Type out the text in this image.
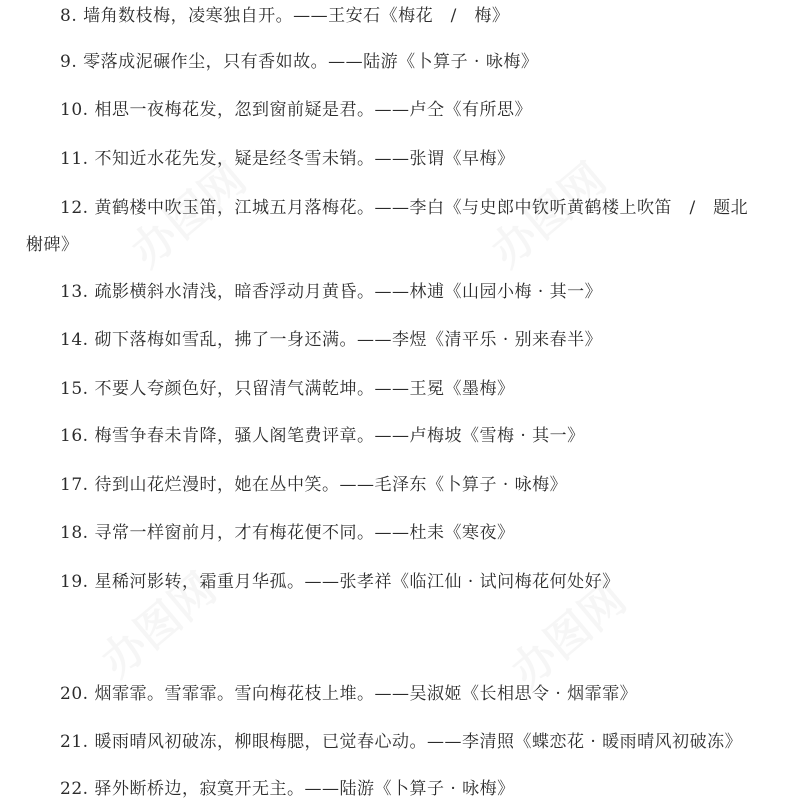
8. 墙角数枝梅，凌寒独自开。——王安石《梅花　/　梅》
9. 零落成泥碾作尘，只有香如故。——陆游《卜算子 · 咏梅》
10. 相思一夜梅花发，忽到窗前疑是君。——卢仝《有所思》
11. 不知近水花先发，疑是经冬雪未销。——张谓《早梅》
12. 黄鹤楼中吹玉笛，江城五月落梅花。——李白《与史郎中钦听黄鹤楼上吹笛　/　题北
榭碑》
13. 疏影横斜水清浅，暗香浮动月黄昏。——林逋《山园小梅 · 其一》
14. 砌下落梅如雪乱，拂了一身还满。——李煜《清平乐 · 别来春半》
15. 不要人夸颜色好，只留清气满乾坤。——王冕《墨梅》
16. 梅雪争春未肯降，骚人阁笔费评章。——卢梅坡《雪梅 · 其一》
17. 待到山花烂漫时，她在丛中笑。——毛泽东《卜算子 · 咏梅》
18. 寻常一样窗前月，才有梅花便不同。——杜耒《寒夜》
19. 星稀河影转，霜重月华孤。——张孝祥《临江仙 · 试问梅花何处好》
20. 烟霏霏。雪霏霏。雪向梅花枝上堆。——吴淑姬《长相思令 · 烟霏霏》
21. 暖雨晴风初破冻，柳眼梅腮，已觉春心动。——李清照《蝶恋花 · 暖雨晴风初破冻》
22. 驿外断桥边，寂寞开无主。——陆游《卜算子 · 咏梅》
